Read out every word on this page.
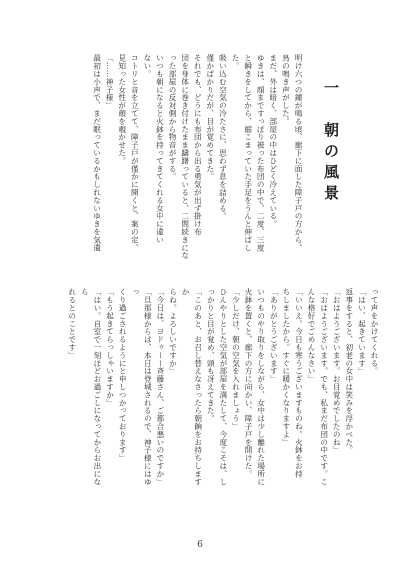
一　朝の風景

明け六つの鐘が鳴る頃、廊下に面した障子戸の方から、

鳥の鳴き声がした。

まだ、外は暗く、部屋の中はひどく冷えている。

ゆきは、顔まですっぽり被った布団の中で、二度、三度

と瞬きをしてから、縮こまっていた手足をうんと伸ばした。

吸い込む空気の冷たさに、思わず息を詰める。

僅かばかりだが、目が覚めてきた。

それでも、どうにも布団から出る勇気が出ず掛け布

団を身体に巻き付けたまま躊躇っていると、二間続きにな

った部屋の反対側から物音がする。

いつも朝になると火鉢を持ってきてくれる女中に違い

ない。

コトリと音を立てて、障子戸が僅かに開くと、案の定、

見知った女性が顔を覗かせた。

「……神子様」

最初は小声で、まだ眠っているかもしれないゆきを気遣

って声をかけてくれる。

「はい、起きています」

返事をすると、初老の女中は笑みを浮かべた。

「おはようございます。お目覚めでしたのね」

「おはようございます。でも、私まだ布団の中です。こ

んな格好でごめんなさい」

「いいえ。今日も寒うございますものね。火鉢をお持

ちしましたから。すぐに暖かくなりますよ」

「ありがとうございます」

いつものやり取りをしながら、女中は少し離れた場所に

火鉢を置くと、廊下の方に向かい、障子戸を開けた。

「少しだけ、朝の空気を入れましょう」

ひんやりとした空気が部屋を満たして、今度こそは、し

っかりと目が覚め、頭も冴えてきた。

「このあと、お召し替えなさったら朝餉をお持ちしますか

らね。よろしいですか」

「今日は、ヨドゥーー斉藤さん、ご都合悪いのですか」

「旦那様からは、本日は登城されるので、神子様にはゆっ

くり過ごされるようにと申しつかっております」

「もう起きてらっしゃいますか」

「はい。自室で一刻ほどお過ごしになってからお出になら

れるとのことです」

6
